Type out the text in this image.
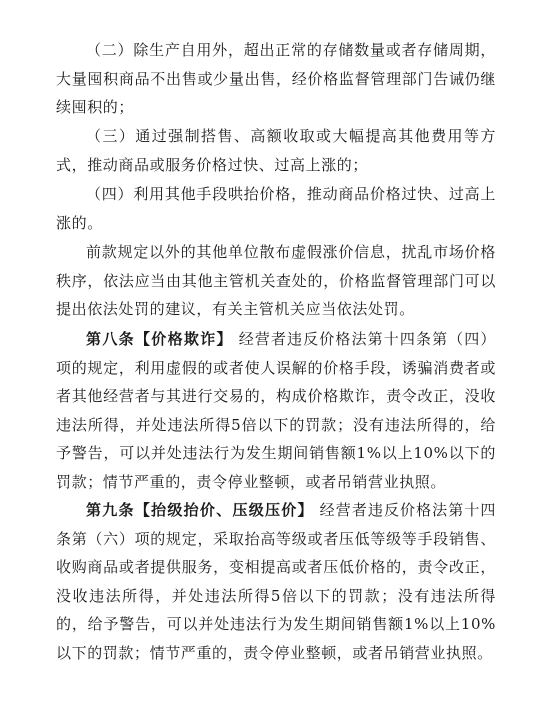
（二）除生产自用外，超出正常的存储数量或者存储周期，大量囤积商品不出售或少量出售，经价格监督管理部门告诫仍继续囤积的；

（三）通过强制搭售、高额收取或大幅提高其他费用等方式，推动商品或服务价格过快、过高上涨的；

（四）利用其他手段哄抬价格，推动商品价格过快、过高上涨的。

前款规定以外的其他单位散布虚假涨价信息，扰乱市场价格秩序，依法应当由其他主管机关查处的，价格监督管理部门可以提出依法处罚的建议，有关主管机关应当依法处罚。

第八条【价格欺诈】 经营者违反价格法第十四条第（四）项的规定，利用虚假的或者使人误解的价格手段，诱骗消费者或者其他经营者与其进行交易的，构成价格欺诈，责令改正，没收违法所得，并处违法所得5倍以下的罚款；没有违法所得的，给予警告，可以并处违法行为发生期间销售额1%以上10%以下的罚款；情节严重的，责令停业整顿，或者吊销营业执照。

第九条【抬级抬价、压级压价】 经营者违反价格法第十四条第（六）项的规定，采取抬高等级或者压低等级等手段销售、收购商品或者提供服务，变相提高或者压低价格的，责令改正，没收违法所得，并处违法所得5倍以下的罚款；没有违法所得的，给予警告，可以并处违法行为发生期间销售额1%以上10%以下的罚款；情节严重的，责令停业整顿，或者吊销营业执照。
